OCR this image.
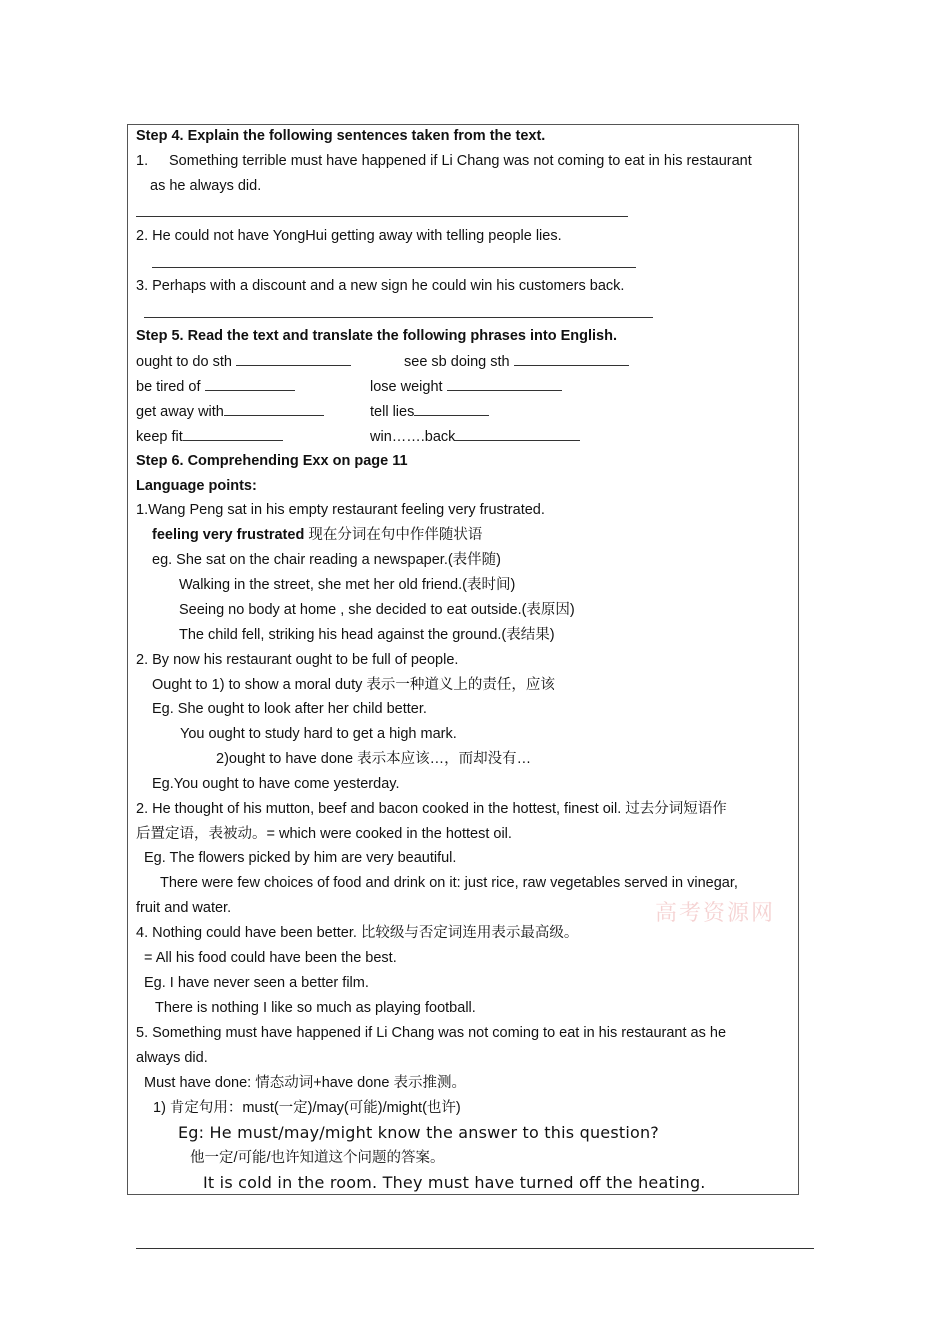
Step 4. Explain the following sentences taken from the text.
1. Something terrible must have happened if Li Chang was not coming to eat in his restaurant
as he always did.
2. He could not have YongHui getting away with telling people lies.
3. Perhaps with a discount and a new sign he could win his customers back.
Step 5. Read the text and translate the following phrases into English.
ought to do sth	see sb doing sth
be tired of	lose weight
get away with	tell lies
keep fit	win…….back
Step 6. Comprehending Exx on page 11
Language points:
1.Wang Peng sat in his empty restaurant feeling very frustrated.
feeling very frustrated 现在分词在句中作伴随状语
eg. She sat on the chair reading a newspaper.(表伴随)
Walking in the street, she met her old friend.(表时间)
Seeing no body at home , she decided to eat outside.(表原因)
The child fell, striking his head against the ground.(表结果)
2. By now his restaurant ought to be full of people.
Ought to 1) to show a moral duty 表示一种道义上的责任，应该
Eg. She ought to look after her child better.
You ought to study hard to get a high mark.
2)ought to have done 表示本应该…，而却没有…
Eg.You ought to have come yesterday.
2. He thought of his mutton, beef and bacon cooked in the hottest, finest oil. 过去分词短语作
后置定语，表被动。= which were cooked in the hottest oil.
Eg. The flowers picked by him are very beautiful.
There were few choices of food and drink on it: just rice, raw vegetables served in vinegar,
fruit and water.	高考资源网
4. Nothing could have been better. 比较级与否定词连用表示最高级。
= All his food could have been the best.
Eg. I have never seen a better film.
There is nothing I like so much as playing football.
5. Something must have happened if Li Chang was not coming to eat in his restaurant as he
always did.
Must have done: 情态动词+have done 表示推测。
1) 肯定句用：must(一定)/may(可能)/might(也许)
Eg: He must/may/might know the answer to this question?
他一定/可能/也许知道这个问题的答案。
It is cold in the room. They must have turned off the heating.
